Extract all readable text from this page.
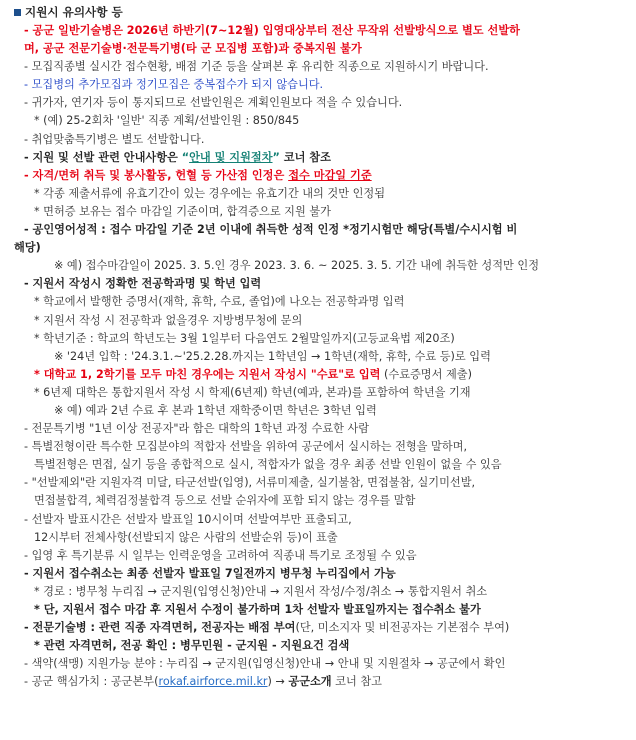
지원시 유의사항 등
- 공군 일반기술병은 2026년 하반기(7~12월) 입영대상부터 전산 무작위 선발방식으로 별도 선발하
며, 공군 전문기술병·전문특기병(타 군 모집병 포함)과 중복지원 불가
- 모집직종별 실시간 접수현황, 배점 기준 등을 살펴본 후 유리한 직종으로 지원하시기 바랍니다.
- 모집병의 추가모집과 정기모집은 중복접수가 되지 않습니다.
- 귀가자, 연기자 등이 통지되므로 선발인원은 계획인원보다 적을 수 있습니다.
* (예) 25-2회차 '일반' 직종 계획/선발인원 : 850/845
- 취업맞춤특기병은 별도 선발합니다.
- 지원 및 선발 관련 안내사항은 “안내 및 지원절차” 코너 참조
- 자격/면허 취득 및 봉사활동, 헌혈 등 가산점 인정은 접수 마감일 기준
* 각종 제출서류에 유효기간이 있는 경우에는 유효기간 내의 것만 인정됨
* 면허증 보유는 접수 마감일 기준이며, 합격증으로 지원 불가
- 공인영어성적 : 접수 마감일 기준 2년 이내에 취득한 성적 인정 *정기시험만 해당(특별/수시시험 비
해당)
※ 예) 접수마감일이 2025. 3. 5.인 경우 2023. 3. 6. ~ 2025. 3. 5. 기간 내에 취득한 성적만 인정
- 지원서 작성시 정확한 전공학과명 및 학년 입력
* 학교에서 발행한 증명서(재학, 휴학, 수료, 졸업)에 나오는 전공학과명 입력
* 지원서 작성 시 전공학과 없을경우 지방병무청에 문의
* 학년기준 : 학교의 학년도는 3월 1일부터 다음연도 2월말일까지(고등교육법 제20조)
※ '24년 입학 : '24.3.1.~'25.2.28.까지는 1학년임 → 1학년(재학, 휴학, 수료 등)로 입력
* 대학교 1, 2학기를 모두 마친 경우에는 지원서 작성시 "수료"로 입력 (수료증명서 제출)
* 6년제 대학은 통합지원서 작성 시 학제(6년제) 학년(예과, 본과)를 포함하여 학년을 기재
※ 예) 예과 2년 수료 후 본과 1학년 재학중이면 학년은 3학년 입력
- 전문특기병 "1년 이상 전공자"라 함은 대학의 1학년 과정 수료한 사람
- 특별전형이란 특수한 모집분야의 적합자 선발을 위하여 공군에서 실시하는 전형을 말하며,
특별전형은 면접, 실기 등을 종합적으로 실시, 적합자가 없을 경우 최종 선발 인원이 없을 수 있음
- "선발제외"란 지원자격 미달, 타군선발(입영), 서류미제출, 실기불참, 면접불참, 실기미선발,
면접불합격, 체력검정불합격 등으로 선발 순위자에 포함 되지 않는 경우를 말함
- 선발자 발표시간은 선발자 발표일 10시이며 선발여부만 표출되고,
12시부터 전체사항(선발되지 않은 사람의 선발순위 등)이 표출
- 입영 후 특기분류 시 일부는 인력운영을 고려하여 직종내 특기로 조정될 수 있음
- 지원서 접수취소는 최종 선발자 발표일 7일전까지 병무청 누리집에서 가능
* 경로 : 병무청 누리집 → 군지원(입영신청)안내 → 지원서 작성/수정/취소 → 통합지원서 취소
* 단, 지원서 접수 마감 후 지원서 수정이 불가하며 1차 선발자 발표일까지는 접수취소 불가
- 전문기술병 : 관련 직종 자격면허, 전공자는 배점 부여(단, 미소지자 및 비전공자는 기본점수 부여)
* 관련 자격면허, 전공 확인 : 병무민원 - 군지원 - 지원요건 검색
- 색약(색맹) 지원가능 분야 : 누리집 → 군지원(입영신청)안내 → 안내 및 지원절차 → 공군에서 확인
- 공군 핵심가치 : 공군본부(rokaf.airforce.mil.kr) → 공군소개 코너 참고
